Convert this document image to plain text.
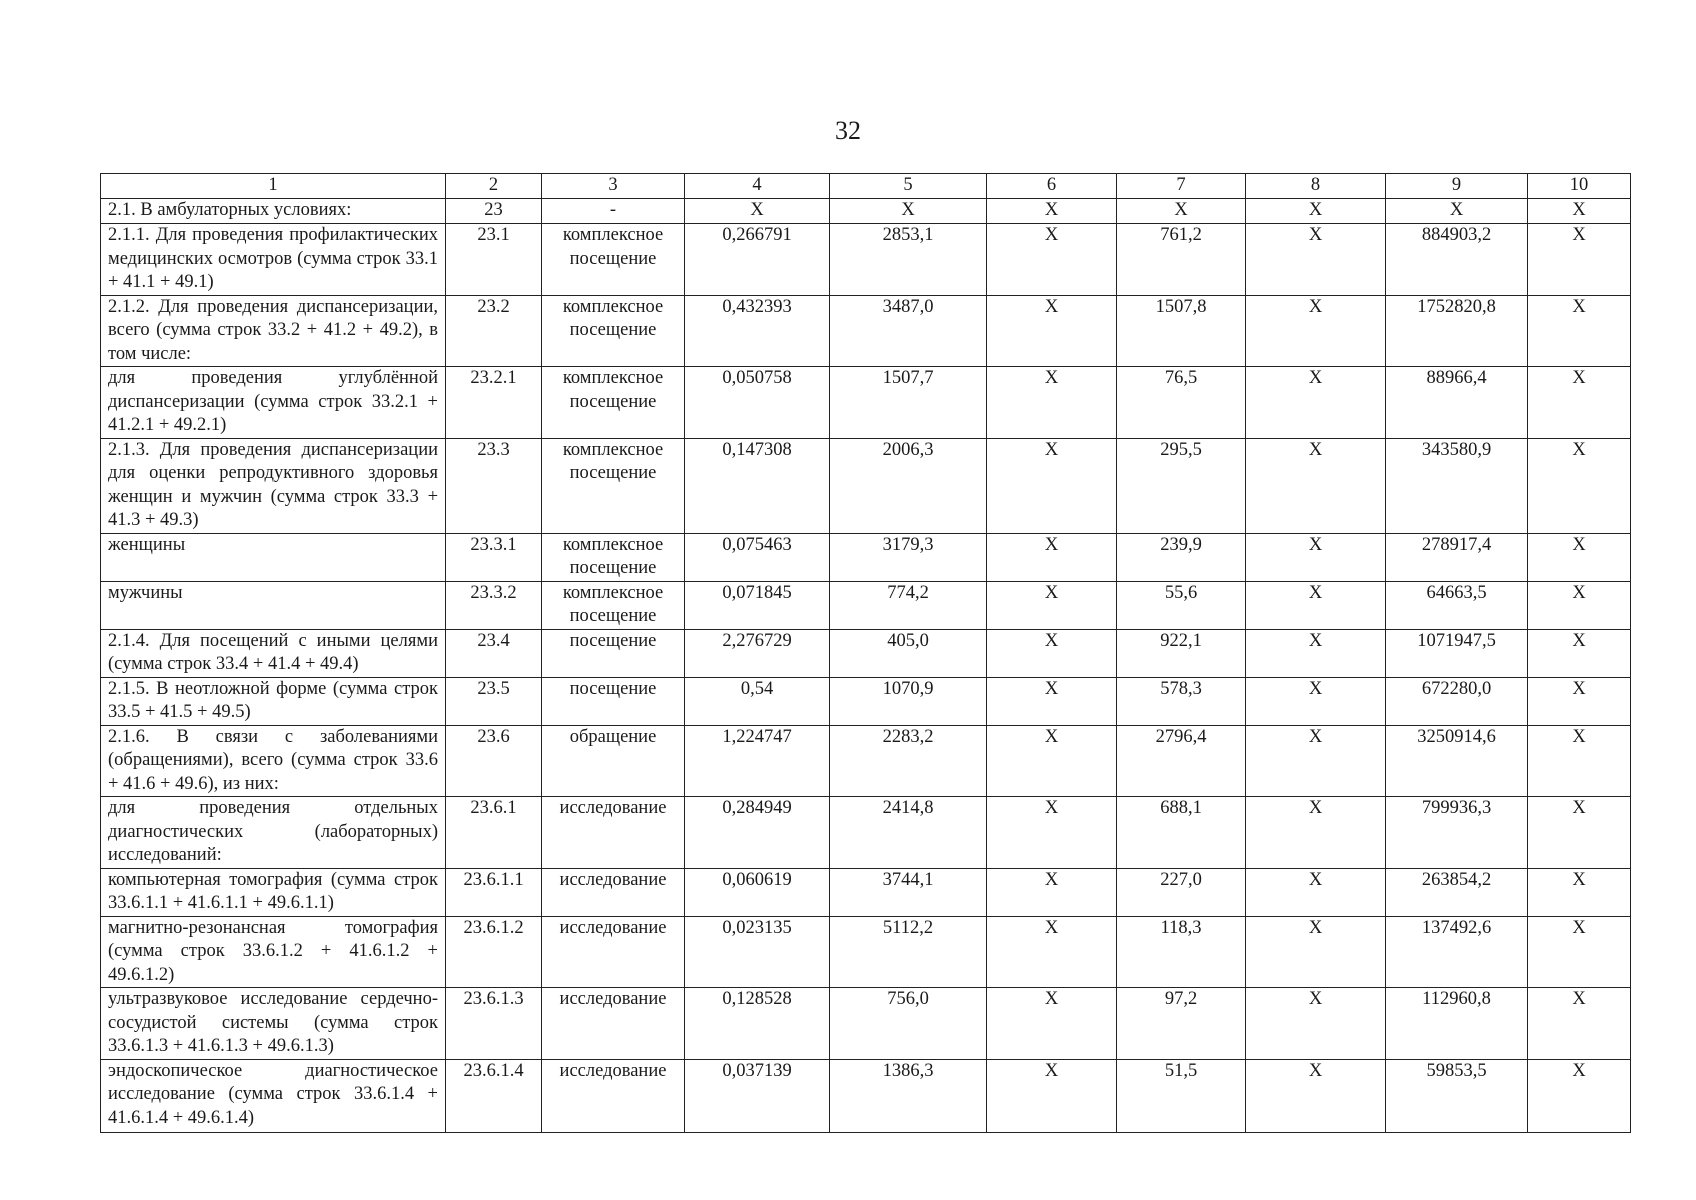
32
1	2	3	4	5	6	7	8	9	10
2.1. В амбулаторных условиях:	23	-	X	X	X	X	X	X	X
2.1.1. Для проведения профилактических медицинских осмотров (сумма строк 33.1 + 41.1 + 49.1)	23.1	комплексное посещение	0,266791	2853,1	X	761,2	X	884903,2	X
2.1.2. Для проведения диспансеризации, всего (сумма строк 33.2 + 41.2 + 49.2), в том числе:	23.2	комплексное посещение	0,432393	3487,0	X	1507,8	X	1752820,8	X
для проведения углублённой диспансеризации (сумма строк 33.2.1 + 41.2.1 + 49.2.1)	23.2.1	комплексное посещение	0,050758	1507,7	X	76,5	X	88966,4	X
2.1.3. Для проведения диспансеризации для оценки репродуктивного здоровья женщин и мужчин (сумма строк 33.3 + 41.3 + 49.3)	23.3	комплексное посещение	0,147308	2006,3	X	295,5	X	343580,9	X
женщины	23.3.1	комплексное посещение	0,075463	3179,3	X	239,9	X	278917,4	X
мужчины	23.3.2	комплексное посещение	0,071845	774,2	X	55,6	X	64663,5	X
2.1.4. Для посещений с иными целями (сумма строк 33.4 + 41.4 + 49.4)	23.4	посещение	2,276729	405,0	X	922,1	X	1071947,5	X
2.1.5. В неотложной форме (сумма строк 33.5 + 41.5 + 49.5)	23.5	посещение	0,54	1070,9	X	578,3	X	672280,0	X
2.1.6. В связи с заболеваниями (обращениями), всего (сумма строк 33.6 + 41.6 + 49.6), из них:	23.6	обращение	1,224747	2283,2	X	2796,4	X	3250914,6	X
для проведения отдельных диагностических (лабораторных) исследований:	23.6.1	исследование	0,284949	2414,8	X	688,1	X	799936,3	X
компьютерная томография (сумма строк 33.6.1.1 + 41.6.1.1 + 49.6.1.1)	23.6.1.1	исследование	0,060619	3744,1	X	227,0	X	263854,2	X
магнитно-резонансная томография (сумма строк 33.6.1.2 + 41.6.1.2 + 49.6.1.2)	23.6.1.2	исследование	0,023135	5112,2	X	118,3	X	137492,6	X
ультразвуковое исследование сердечно-сосудистой системы (сумма строк 33.6.1.3 + 41.6.1.3 + 49.6.1.3)	23.6.1.3	исследование	0,128528	756,0	X	97,2	X	112960,8	X
эндоскопическое диагностическое исследование (сумма строк 33.6.1.4 + 41.6.1.4 + 49.6.1.4)	23.6.1.4	исследование	0,037139	1386,3	X	51,5	X	59853,5	X
